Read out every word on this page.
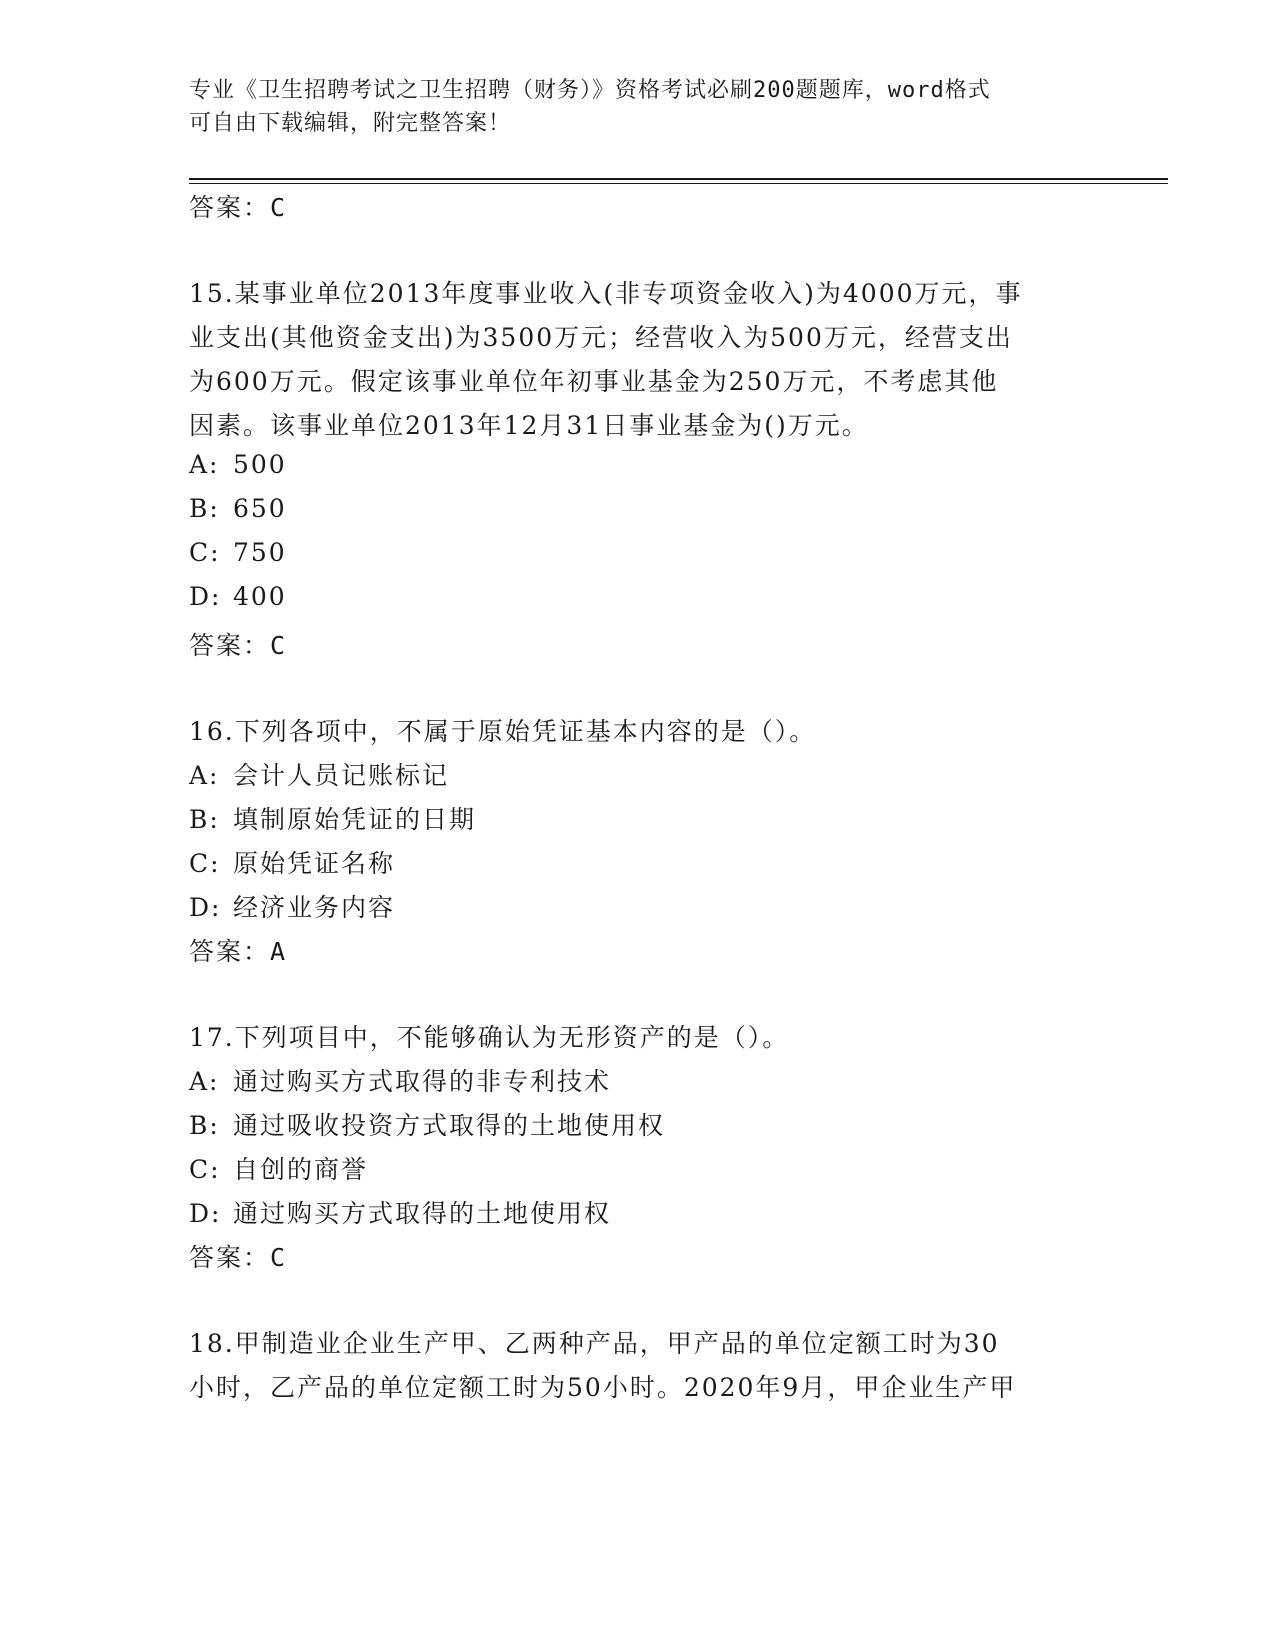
专业《卫生招聘考试之卫生招聘（财务）》资格考试必刷200题题库，word格式
可自由下载编辑，附完整答案！
答案：C
15.某事业单位2013年度事业收入(非专项资金收入)为4000万元，事
业支出(其他资金支出)为3500万元；经营收入为500万元，经营支出
为600万元。假定该事业单位年初事业基金为250万元，不考虑其他
因素。该事业单位2013年12月31日事业基金为()万元。
A: 500
B: 650
C: 750
D: 400
答案：C
16.下列各项中，不属于原始凭证基本内容的是（）。
A: 会计人员记账标记
B: 填制原始凭证的日期
C: 原始凭证名称
D: 经济业务内容
答案：A
17.下列项目中，不能够确认为无形资产的是（）。
A: 通过购买方式取得的非专利技术
B: 通过吸收投资方式取得的土地使用权
C: 自创的商誉
D: 通过购买方式取得的土地使用权
答案：C
18.甲制造业企业生产甲、乙两种产品，甲产品的单位定额工时为30
小时，乙产品的单位定额工时为50小时。2020年9月，甲企业生产甲
